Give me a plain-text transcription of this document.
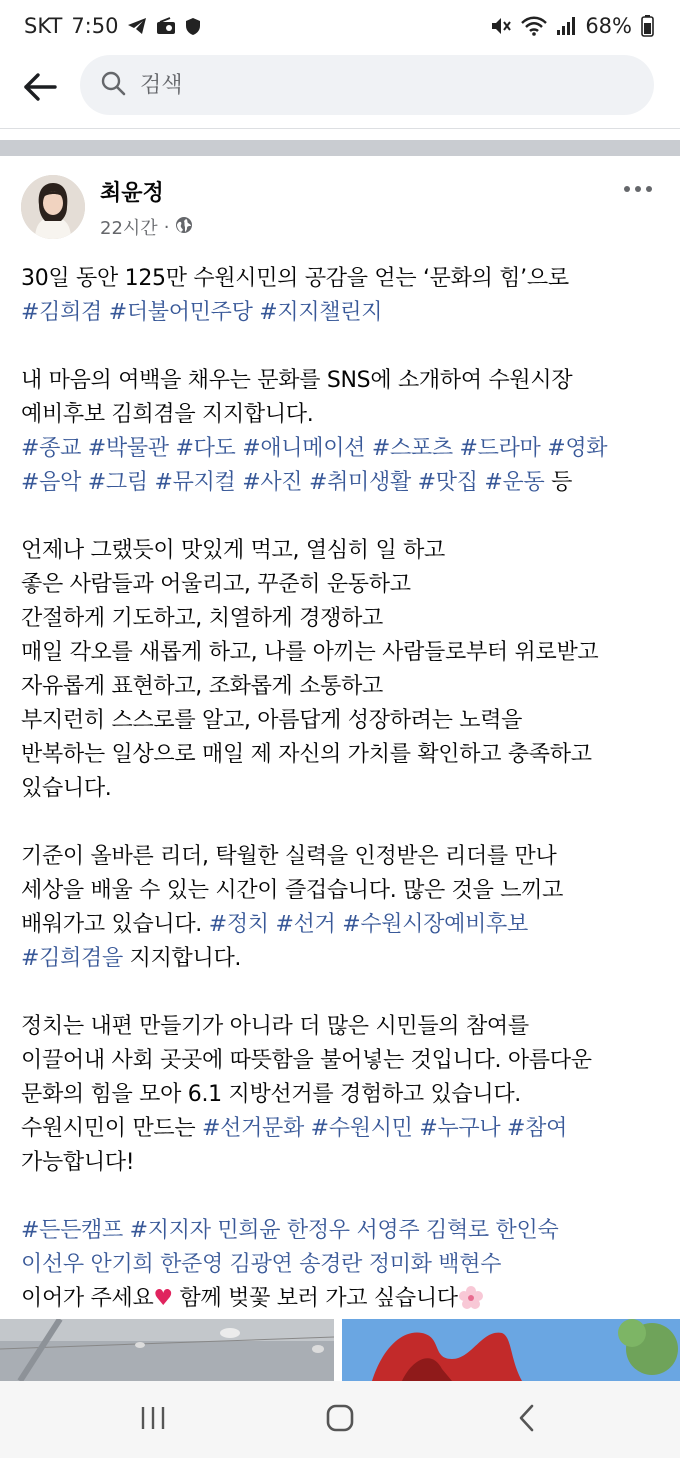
SKT 7:50	68%
검색
최윤정
22시간 ·
30일 동안 125만 수원시민의 공감을 얻는 ‘문화의 힘’으로
#김희겸 #더불어민주당 #지지챌린지
내 마음의 여백을 채우는 문화를 SNS에 소개하여 수원시장
예비후보 김희겸을 지지합니다.
#종교 #박물관 #다도 #애니메이션 #스포츠 #드라마 #영화
#음악 #그림 #뮤지컬 #사진 #취미생활 #맛집 #운동 등
언제나 그랬듯이 맛있게 먹고, 열심히 일 하고
좋은 사람들과 어울리고, 꾸준히 운동하고
간절하게 기도하고, 치열하게 경쟁하고
매일 각오를 새롭게 하고, 나를 아끼는 사람들로부터 위로받고
자유롭게 표현하고, 조화롭게 소통하고
부지런히 스스로를 알고, 아름답게 성장하려는 노력을
반복하는 일상으로 매일 제 자신의 가치를 확인하고 충족하고
있습니다.
기준이 올바른 리더, 탁월한 실력을 인정받은 리더를 만나
세상을 배울 수 있는 시간이 즐겁습니다. 많은 것을 느끼고
배워가고 있습니다. #정치 #선거 #수원시장예비후보
#김희겸을 지지합니다.
정치는 내편 만들기가 아니라 더 많은 시민들의 참여를
이끌어내 사회 곳곳에 따뜻함을 불어넣는 것입니다. 아름다운
문화의 힘을 모아 6.1 지방선거를 경험하고 있습니다.
수원시민이 만드는 #선거문화 #수원시민 #누구나 #참여
가능합니다!
#든든캠프 #지지자 민희윤 한정우 서영주 김혁로 한인숙
이선우 안기희 한준영 김광연 송경란 정미화 백현수
이어가 주세요♥ 함께 벚꽃 보러 가고 싶습니다
